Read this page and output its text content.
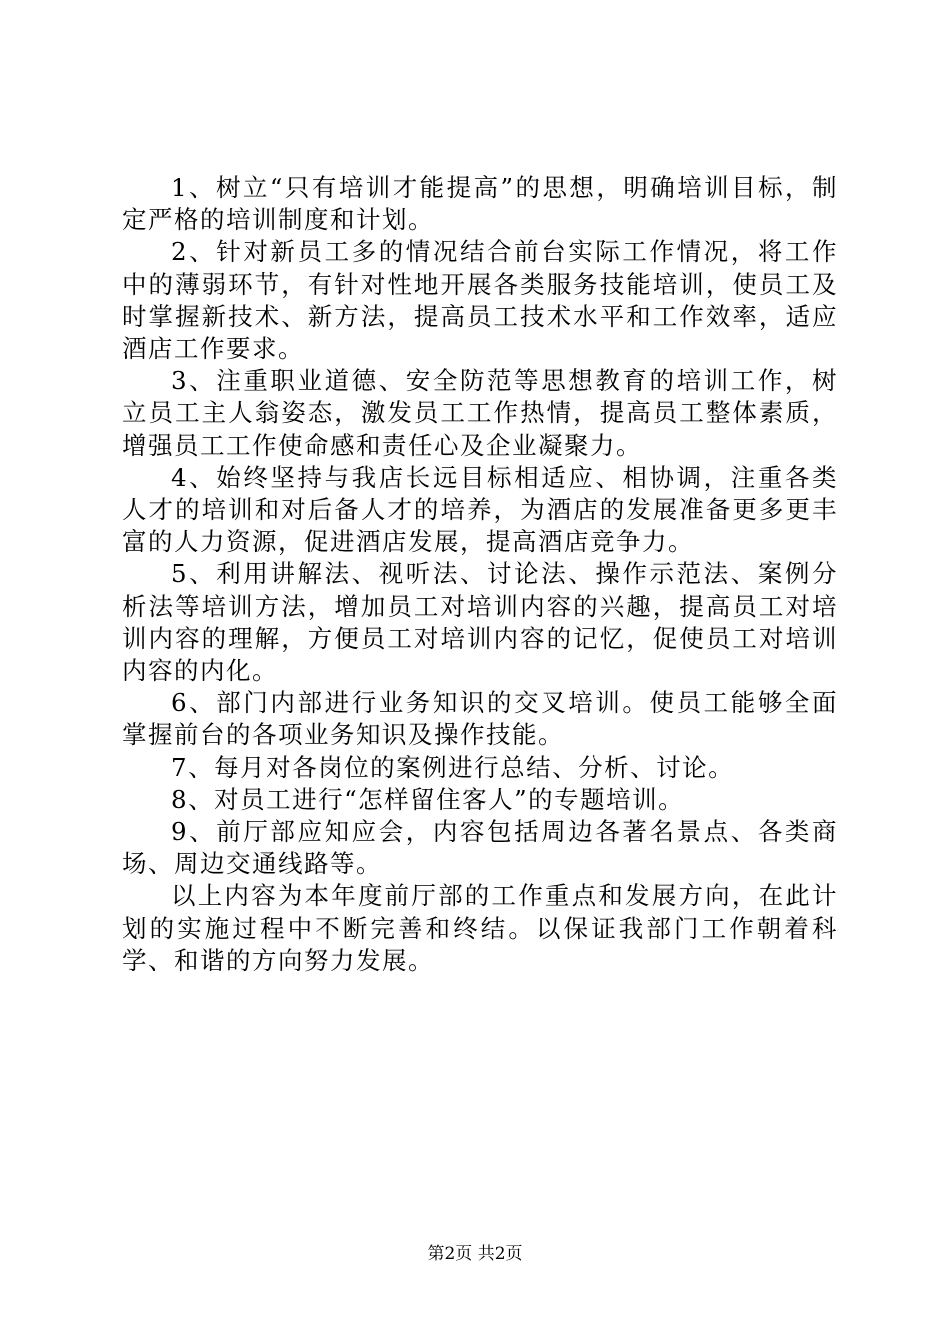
1、树立“只有培训才能提高”的思想，明确培训目标，制定严格的培训制度和计划。

2、针对新员工多的情况结合前台实际工作情况，将工作中的薄弱环节，有针对性地开展各类服务技能培训，使员工及时掌握新技术、新方法，提高员工技术水平和工作效率，适应酒店工作要求。

3、注重职业道德、安全防范等思想教育的培训工作，树立员工主人翁姿态，激发员工工作热情，提高员工整体素质，增强员工工作使命感和责任心及企业凝聚力。

4、始终坚持与我店长远目标相适应、相协调，注重各类人才的培训和对后备人才的培养，为酒店的发展准备更多更丰富的人力资源，促进酒店发展，提高酒店竞争力。

5、利用讲解法、视听法、讨论法、操作示范法、案例分析法等培训方法，增加员工对培训内容的兴趣，提高员工对培训内容的理解，方便员工对培训内容的记忆，促使员工对培训内容的内化。

6、部门内部进行业务知识的交叉培训。使员工能够全面掌握前台的各项业务知识及操作技能。

7、每月对各岗位的案例进行总结、分析、讨论。

8、对员工进行“怎样留住客人”的专题培训。

9、前厅部应知应会，内容包括周边各著名景点、各类商场、周边交通线路等。

以上内容为本年度前厅部的工作重点和发展方向，在此计划的实施过程中不断完善和终结。以保证我部门工作朝着科学、和谐的方向努力发展。

第2页 共2页
